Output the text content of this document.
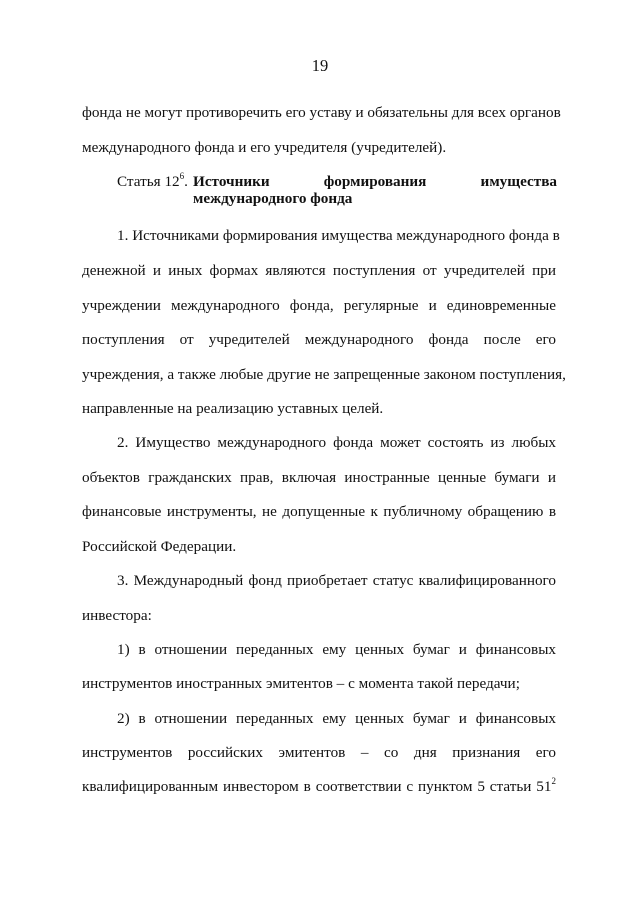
19
фонда не могут противоречить его уставу и обязательны для всех органов
международного фонда и его учредителя (учредителей).
Статья $12^6$. Источники формирования имущества
международного фонда
1. Источниками формирования имущества международного фонда в
денежной и иных формах являются поступления от учредителей при
учреждении международного фонда, регулярные и единовременные
поступления от учредителей международного фонда после его
учреждения, а также любые другие не запрещенные законом поступления,
направленные на реализацию уставных целей.
2. Имущество международного фонда может состоять из любых
объектов гражданских прав, включая иностранные ценные бумаги и
финансовые инструменты, не допущенные к публичному обращению в
Российской Федерации.
3. Международный фонд приобретает статус квалифицированного
инвестора:
1) в отношении переданных ему ценных бумаг и финансовых
инструментов иностранных эмитентов – с момента такой передачи;
2) в отношении переданных ему ценных бумаг и финансовых
инструментов российских эмитентов – со дня признания его
квалифицированным инвестором в соответствии с пунктом 5 статьи $51^2$
